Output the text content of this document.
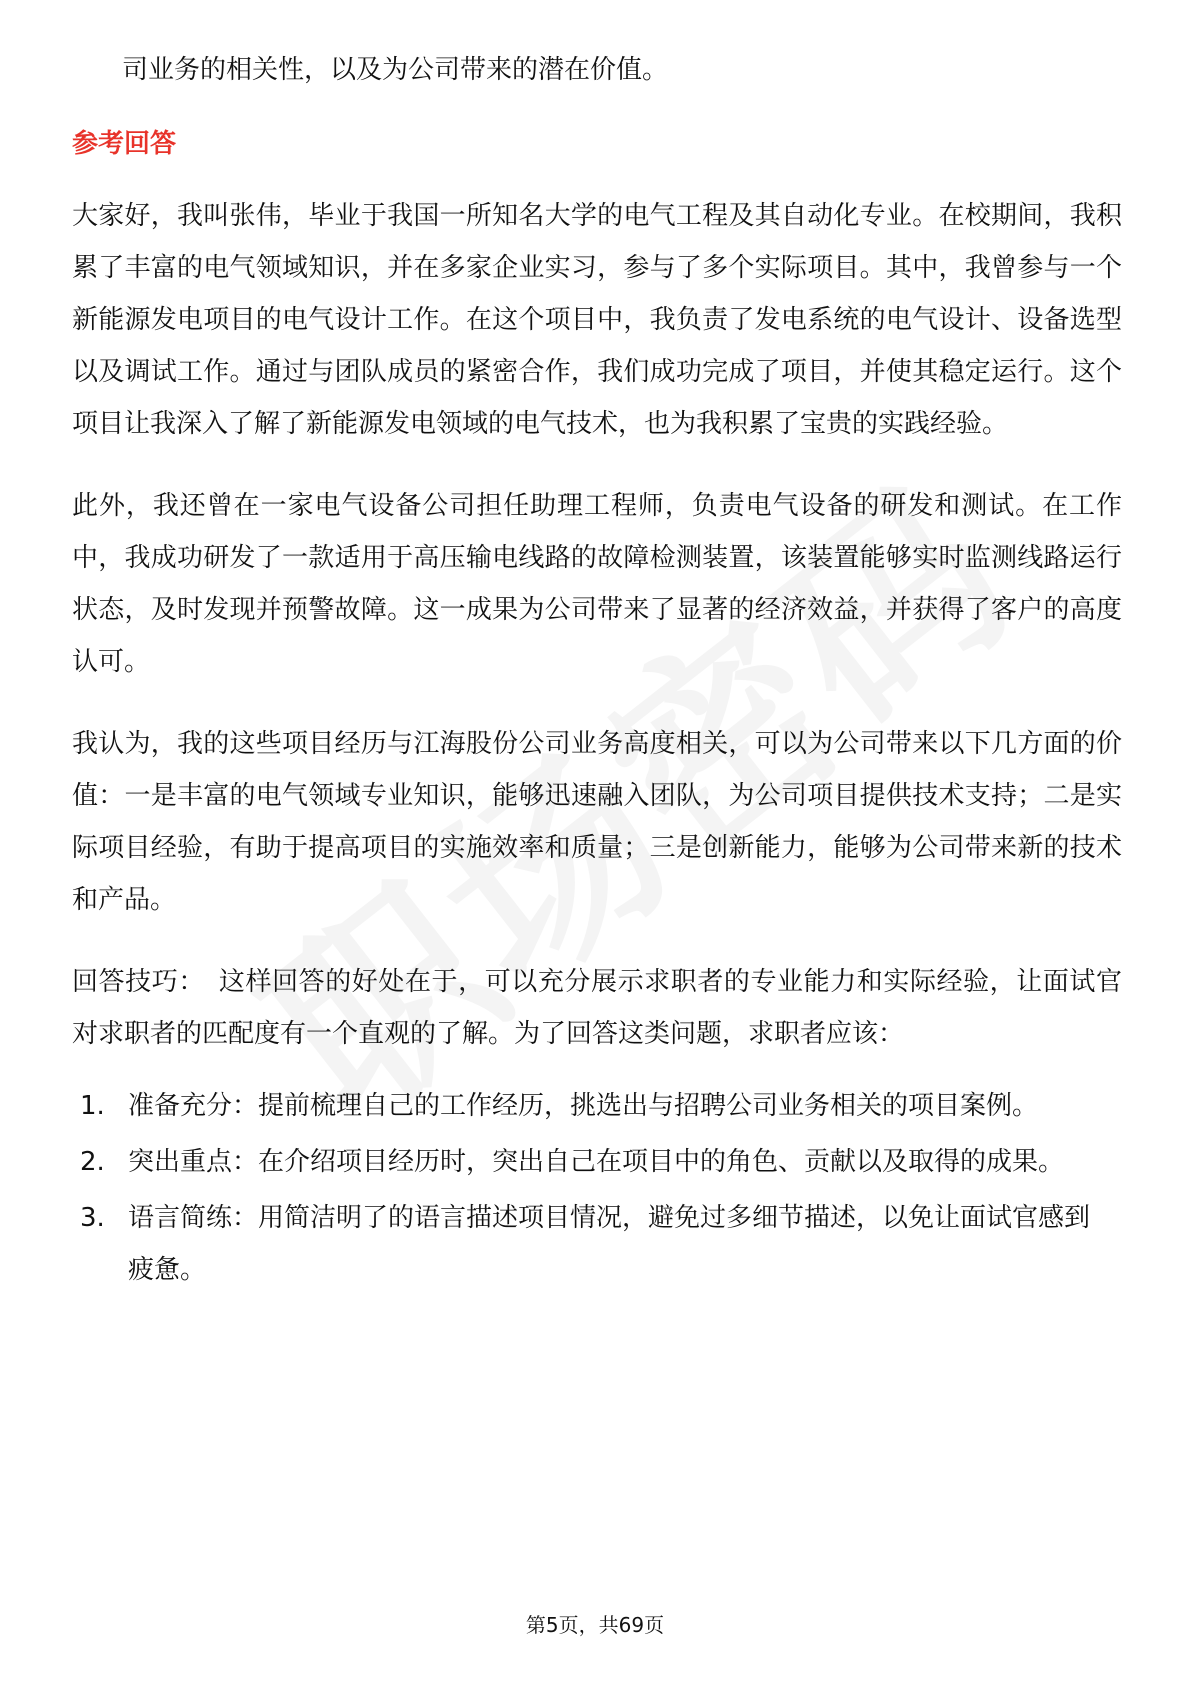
司业务的相关性，以及为公司带来的潜在价值。

参考回答

大家好，我叫张伟，毕业于我国一所知名大学的电气工程及其自动化专业。在校期间，我积累了丰富的电气领域知识，并在多家企业实习，参与了多个实际项目。其中，我曾参与一个新能源发电项目的电气设计工作。在这个项目中，我负责了发电系统的电气设计、设备选型以及调试工作。通过与团队成员的紧密合作，我们成功完成了项目，并使其稳定运行。这个项目让我深入了解了新能源发电领域的电气技术，也为我积累了宝贵的实践经验。

此外，我还曾在一家电气设备公司担任助理工程师，负责电气设备的研发和测试。在工作中，我成功研发了一款适用于高压输电线路的故障检测装置，该装置能够实时监测线路运行状态，及时发现并预警故障。这一成果为公司带来了显著的经济效益，并获得了客户的高度认可。

我认为，我的这些项目经历与江海股份公司业务高度相关，可以为公司带来以下几方面的价值：一是丰富的电气领域专业知识，能够迅速融入团队，为公司项目提供技术支持；二是实际项目经验，有助于提高项目的实施效率和质量；三是创新能力，能够为公司带来新的技术和产品。

回答技巧： 这样回答的好处在于，可以充分展示求职者的专业能力和实际经验，让面试官对求职者的匹配度有一个直观的了解。为了回答这类问题，求职者应该：

1. 准备充分：提前梳理自己的工作经历，挑选出与招聘公司业务相关的项目案例。
2. 突出重点：在介绍项目经历时，突出自己在项目中的角色、贡献以及取得的成果。
3. 语言简练：用简洁明了的语言描述项目情况，避免过多细节描述，以免让面试官感到疲惫。
第5页，共69页
